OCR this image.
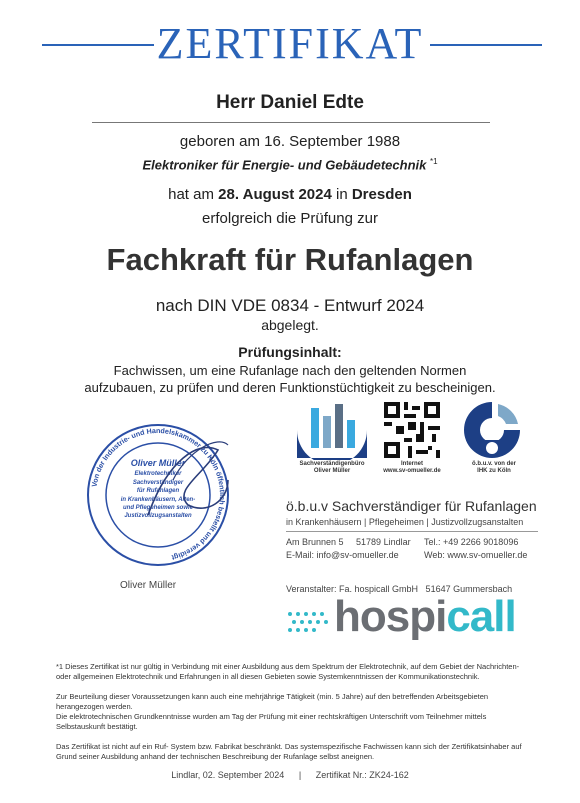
ZERTIFIKAT
Herr Daniel Edte
geboren am 16. September 1988
Elektroniker für Energie- und Gebäudetechnik $^{*1}$
hat am 28. August 2024 in Dresden
erfolgreich die Prüfung zur
Fachkraft für Rufanlagen
nach DIN VDE 0834 - Entwurf 2024
abgelegt.
Prüfungsinhalt:
Fachwissen, um eine Rufanlage nach den geltenden Normen
aufzubauen, zu prüfen und deren Funktionstüchtigkeit zu bescheinigen.
Von der Industrie- und Handelskammer zu Köln öffentlich bestellt und vereidigt
Oliver Müller
Elektrotechniker
Sachverständiger
für Rufanlagen
in Krankenhäusern, Alten-
und Pflegeheimen sowie
Justizvollzugsanstalten
Oliver Müller
Sachverständigenbüro
Oliver Müller
Internet
www.sv-omueller.de
ö.b.u.v. von der
IHK zu Köln
ö.b.u.v Sachverständiger für Rufanlagen
in Krankenhäusern | Pflegeheimen | Justizvollzugsanstalten
Am Brunnen 5     51789 Lindlar Tel.: +49 2266 9018096
E-Mail: info@sv-omueller.de	Web: www.sv-omueller.de
Veranstalter: Fa. hospicall GmbH   51647 Gummersbach
hospicall
*1 Dieses Zertifikat ist nur gültig in Verbindung mit einer Ausbildung aus dem Spektrum der Elektrotechnik, auf dem Gebiet der Nachrichten- oder allgemeinen Elektrotechnik und Erfahrungen in all diesen Gebieten sowie Systemkenntnissen der Kommunikationstechnik.
Zur Beurteilung dieser Voraussetzungen kann auch eine mehrjährige Tätigkeit (min. 5 Jahre) auf den betreffenden Arbeitsgebieten herangezogen werden.
Die elektrotechnischen Grundkenntnisse wurden am Tag der Prüfung mit einer rechtskräftigen Unterschrift vom Teilnehmer mittels Selbstauskunft bestätigt.
Das Zertifikat ist nicht auf ein Ruf- System bzw. Fabrikat beschränkt. Das systemspezifische Fachwissen kann sich der Zertifikatsinhaber auf Grund seiner Ausbildung anhand der technischen Beschreibung der Rufanlage selbst aneignen.
Lindlar, 02. September 2024 | Zertifikat Nr.: ZK24-162
